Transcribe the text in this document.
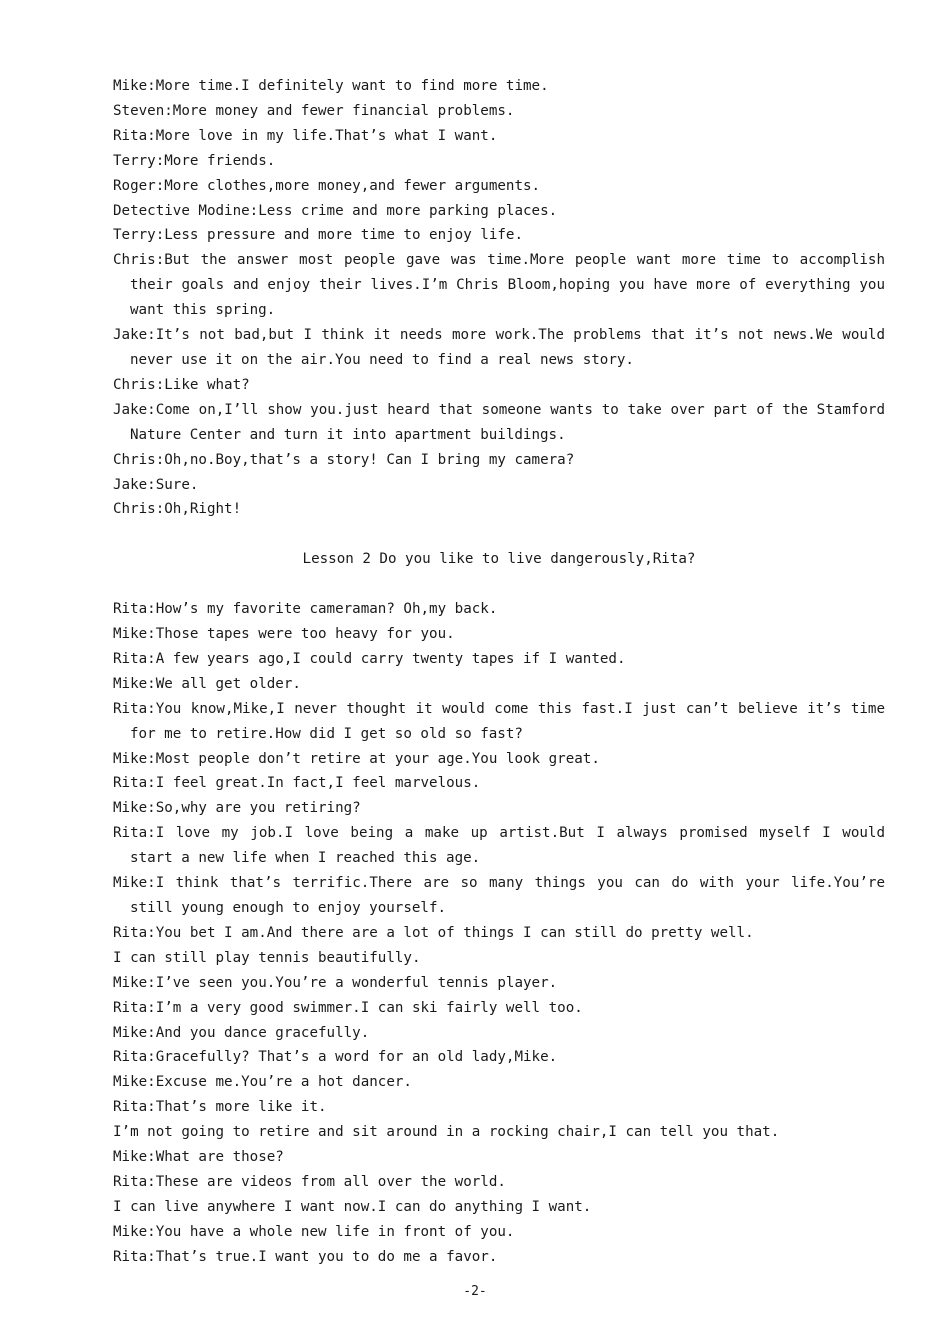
Mike:More time.I definitely want to find more time.
Steven:More money and fewer financial problems.
Rita:More love in my life.That’s what I want.
Terry:More friends.
Roger:More clothes,more money,and fewer arguments.
Detective Modine:Less crime and more parking places.
Terry:Less pressure and more time to enjoy life.
Chris:But the answer most people gave was time.More people want more time to accomplish their goals and enjoy their lives.I’m Chris Bloom,hoping you have more of everything you want this spring.
Jake:It’s not bad,but I think it needs more work.The problems that it’s not news.We would never use it on the air.You need to find a real news story.
Chris:Like what?
Jake:Come on,I’ll show you.just heard that someone wants to take over part of the Stamford Nature Center and turn it into apartment buildings.
Chris:Oh,no.Boy,that’s a story! Can I bring my camera?
Jake:Sure.
Chris:Oh,Right!
Lesson 2 Do you like to live dangerously,Rita?
Rita:How’s my favorite cameraman? Oh,my back.
Mike:Those tapes were too heavy for you.
Rita:A few years ago,I could carry twenty tapes if I wanted.
Mike:We all get older.
Rita:You know,Mike,I never thought it would come this fast.I just can’t believe it’s time for me to retire.How did I get so old so fast?
Mike:Most people don’t retire at your age.You look great.
Rita:I feel great.In fact,I feel marvelous.
Mike:So,why are you retiring?
Rita:I love my job.I love being a make up artist.But I always promised myself I would start a new life when I reached this age.
Mike:I think that’s terrific.There are so many things you can do with your life.You’re still young enough to enjoy yourself.
Rita:You bet I am.And there are a lot of things I can still do pretty well.
I can still play tennis beautifully.
Mike:I’ve seen you.You’re a wonderful tennis player.
Rita:I’m a very good swimmer.I can ski fairly well too.
Mike:And you dance gracefully.
Rita:Gracefully? That’s a word for an old lady,Mike.
Mike:Excuse me.You’re a hot dancer.
Rita:That’s more like it.
I’m not going to retire and sit around in a rocking chair,I can tell you that.
Mike:What are those?
Rita:These are videos from all over the world.
I can live anywhere I want now.I can do anything I want.
Mike:You have a whole new life in front of you.
Rita:That’s true.I want you to do me a favor.
-2-
